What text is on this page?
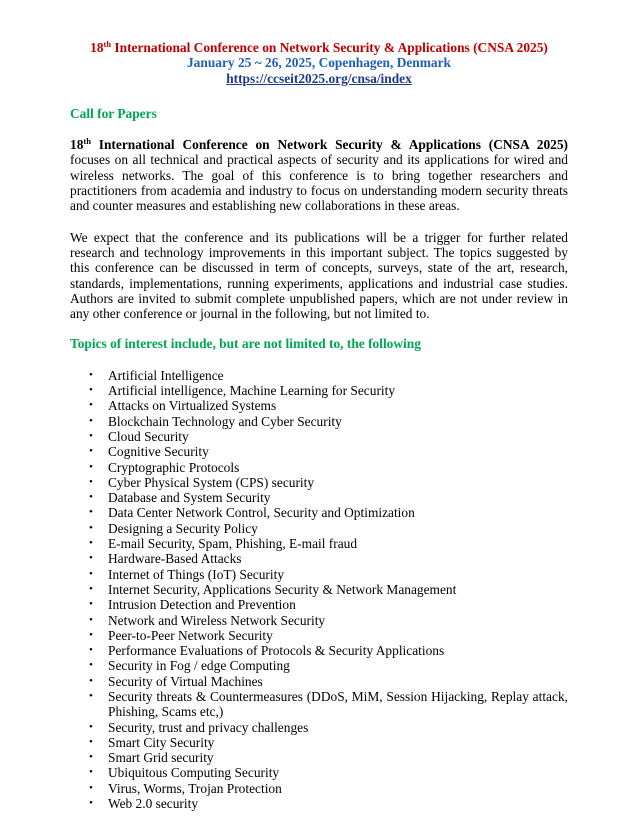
18th International Conference on Network Security & Applications (CNSA 2025)
January 25 ~ 26, 2025, Copenhagen, Denmark
https://ccseit2025.org/cnsa/index
Call for Papers

18th International Conference on Network Security & Applications (CNSA 2025) focuses on all technical and practical aspects of security and its applications for wired and wireless networks. The goal of this conference is to bring together researchers and practitioners from academia and industry to focus on understanding modern security threats and counter measures and establishing new collaborations in these areas.

We expect that the conference and its publications will be a trigger for further related research and technology improvements in this important subject. The topics suggested by this conference can be discussed in term of concepts, surveys, state of the art, research, standards, implementations, running experiments, applications and industrial case studies. Authors are invited to submit complete unpublished papers, which are not under review in any other conference or journal in the following, but not limited to.

Topics of interest include, but are not limited to, the following
• Artificial Intelligence
• Artificial intelligence, Machine Learning for Security
• Attacks on Virtualized Systems
• Blockchain Technology and Cyber Security
• Cloud Security
• Cognitive Security
• Cryptographic Protocols
• Cyber Physical System (CPS) security
• Database and System Security
• Data Center Network Control, Security and Optimization
• Designing a Security Policy
• E-mail Security, Spam, Phishing, E-mail fraud
• Hardware-Based Attacks
• Internet of Things (IoT) Security
• Internet Security, Applications Security & Network Management
• Intrusion Detection and Prevention
• Network and Wireless Network Security
• Peer-to-Peer Network Security
• Performance Evaluations of Protocols & Security Applications
• Security in Fog / edge Computing
• Security of Virtual Machines
• Security threats & Countermeasures (DDoS, MiM, Session Hijacking, Replay attack, Phishing, Scams etc,)
• Security, trust and privacy challenges
• Smart City Security
• Smart Grid security
• Ubiquitous Computing Security
• Virus, Worms, Trojan Protection
• Web 2.0 security
